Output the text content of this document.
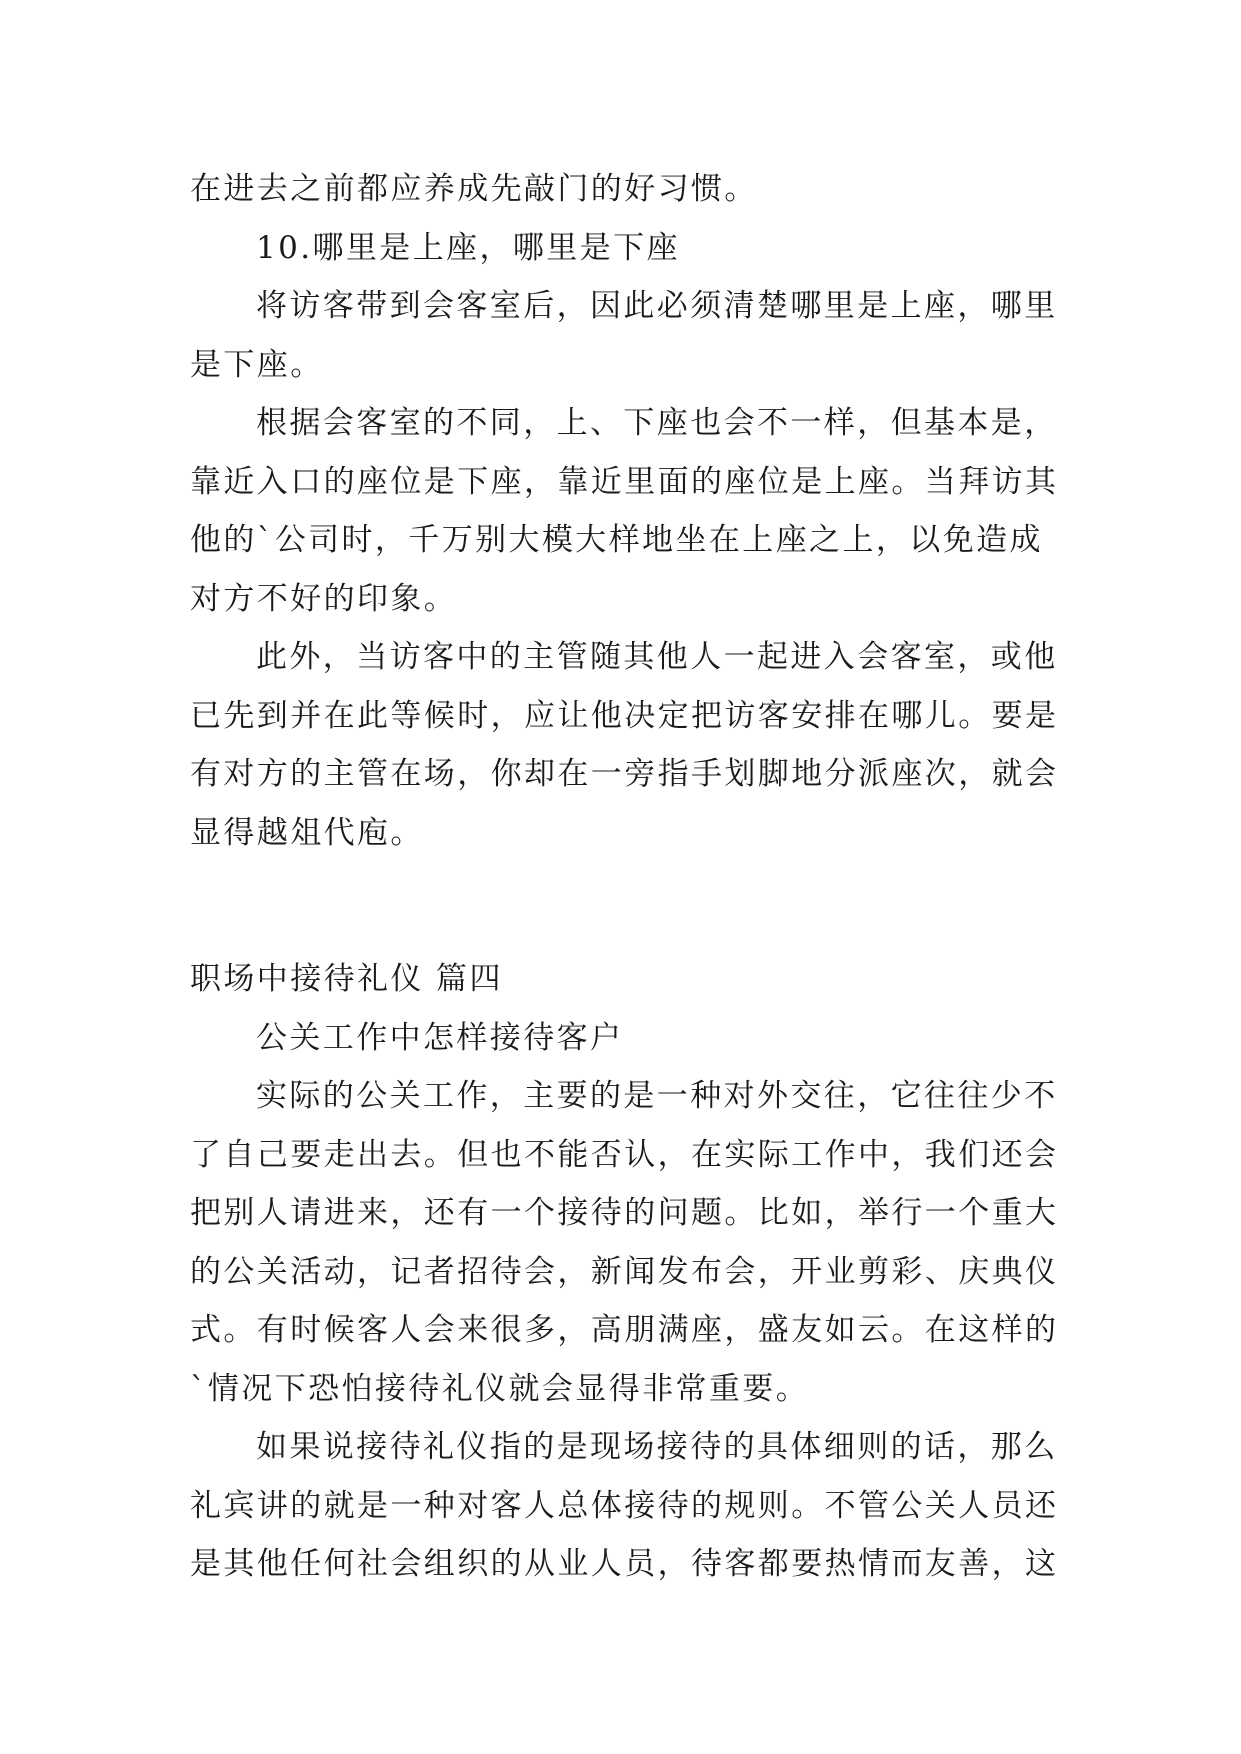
在进去之前都应养成先敲门的好习惯。
10.哪里是上座，哪里是下座
将访客带到会客室后，因此必须清楚哪里是上座，哪里
是下座。
根据会客室的不同，上、下座也会不一样，但基本是，
靠近入口的座位是下座，靠近里面的座位是上座。当拜访其
他的`公司时，千万别大模大样地坐在上座之上，以免造成
对方不好的印象。
此外，当访客中的主管随其他人一起进入会客室，或他
已先到并在此等候时，应让他决定把访客安排在哪儿。要是
有对方的主管在场，你却在一旁指手划脚地分派座次，就会
显得越俎代庖。
职场中接待礼仪 篇四
公关工作中怎样接待客户
实际的公关工作，主要的是一种对外交往，它往往少不
了自己要走出去。但也不能否认，在实际工作中，我们还会
把别人请进来，还有一个接待的问题。比如，举行一个重大
的公关活动，记者招待会，新闻发布会，开业剪彩、庆典仪
式。有时候客人会来很多，高朋满座，盛友如云。在这样的
`情况下恐怕接待礼仪就会显得非常重要。
如果说接待礼仪指的是现场接待的具体细则的话，那么
礼宾讲的就是一种对客人总体接待的规则。不管公关人员还
是其他任何社会组织的从业人员，待客都要热情而友善，这
